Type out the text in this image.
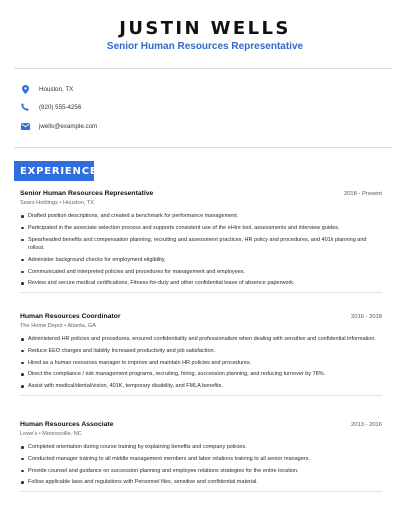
JUSTIN WELLS
Senior Human Resources Representative
Houston, TX
(920) 555-4256
jwells@example.com
EXPERIENCE
Senior Human Resources Representative	2018 - Present
Sears Holdings • Houston, TX
Drafted position descriptions, and created a benchmark for performance management.
Participated in the associate selection process and supports consistent use of the eHire tool, assessments and interview guides.
Spearheaded benefits and compensation planning, recruiting and assessment practices, HR policy and procedures, and 401k planning and rollout.
Administer background checks for employment eligibility.
Communicated and interpreted policies and procedures for management and employees.
Review and secure medical certifications, Fitness-for-duty and other confidential leave of absence paperwork.
Human Resources Coordinator	2016 - 2018
The Home Depot • Atlanta, GA
Administered HR policies and procedures, ensured confidentiality and professionalism when dealing with sensitive and confidential information.
Reduce EEO charges and liability Increased productivity and job satisfaction.
Hired as a human resources manager to improve and maintain HR policies and procedures.
Direct the compliance / risk management programs, recruiting, hiring, succession planning, and reducing turnover by 78%.
Assist with medical/dental/vision, 401K, temporary disability, and FMLA benefits.
Human Resources Associate	2013 - 2016
Lowe's • Mooresville, NC
Completed orientation during course training by explaining benefits and company policies.
Conducted manager training to all middle management members and labor relations training to all senior managers.
Provide counsel and guidance on succession planning and employee relations strategies for the entire location.
Follow applicable laws and regulations with Personnel files, sensitive and confidential material.
